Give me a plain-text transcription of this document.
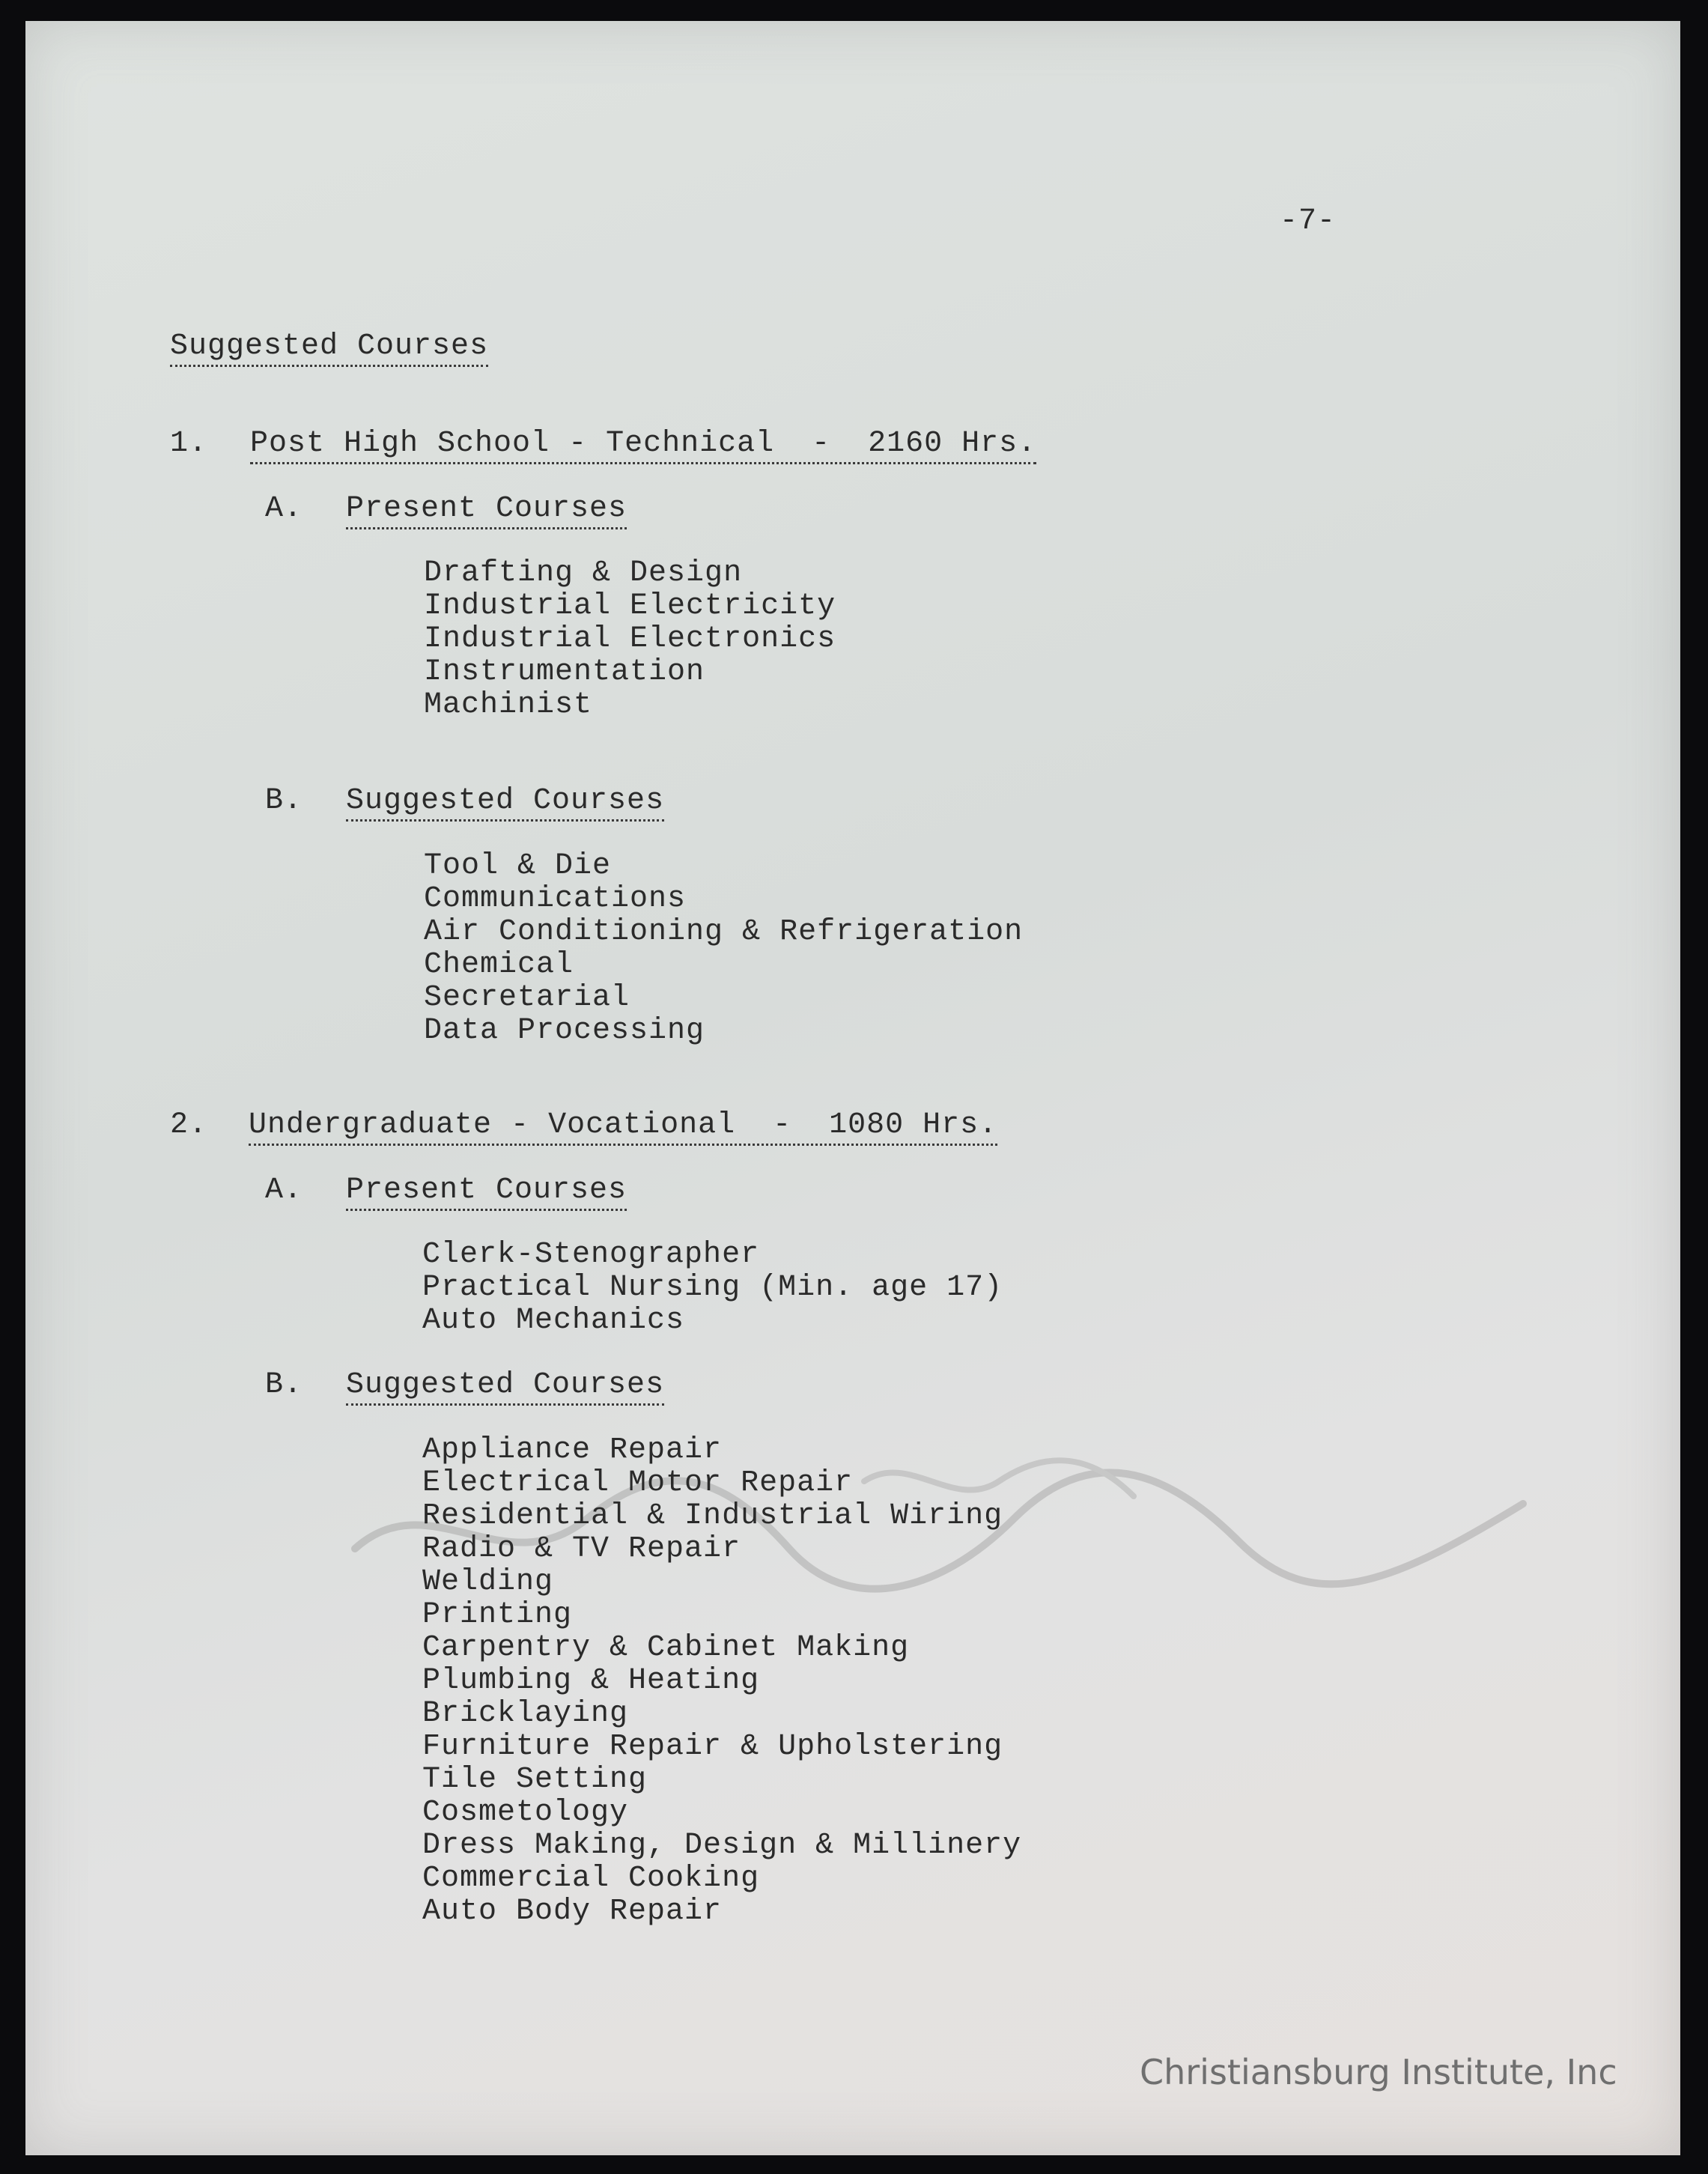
-7-

Suggested Courses

1. Post High School - Technical  -  2160 Hrs.

A. Present Courses

Drafting & Design

Industrial Electricity

Industrial Electronics

Instrumentation

Machinist

B. Suggested Courses

Tool & Die

Communications

Air Conditioning & Refrigeration

Chemical

Secretarial

Data Processing

2. Undergraduate - Vocational  -  1080 Hrs.

A. Present Courses

Clerk-Stenographer

Practical Nursing (Min. age 17)

Auto Mechanics

B. Suggested Courses

Appliance Repair

Electrical Motor Repair

Residential & Industrial Wiring

Radio & TV Repair

Welding

Printing

Carpentry & Cabinet Making

Plumbing & Heating

Bricklaying

Furniture Repair & Upholstering

Tile Setting

Cosmetology

Dress Making, Design & Millinery

Commercial Cooking

Auto Body Repair

Christiansburg Institute, Inc
